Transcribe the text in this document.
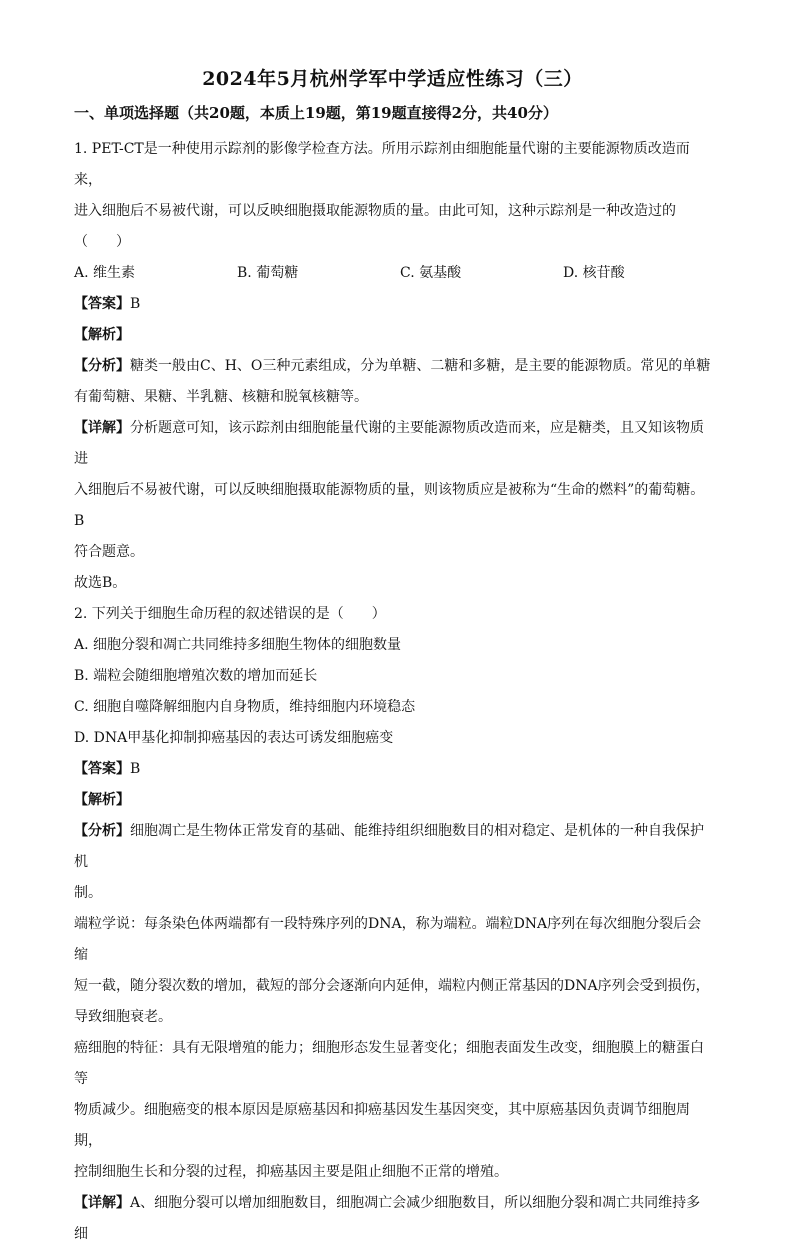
2024年5月杭州学军中学适应性练习（三）
一、单项选择题（共20题，本质上19题，第19题直接得2分，共40分）

1. PET-CT是一种使用示踪剂的影像学检查方法。所用示踪剂由细胞能量代谢的主要能源物质改造而来，

进入细胞后不易被代谢，可以反映细胞摄取能源物质的量。由此可知，这种示踪剂是一种改造过的

（　　）

A. 维生素	B. 葡萄糖	C. 氨基酸	D. 核苷酸

【答案】B

【解析】

【分析】糖类一般由C、H、O三种元素组成，分为单糖、二糖和多糖，是主要的能源物质。常见的单糖

有葡萄糖、果糖、半乳糖、核糖和脱氧核糖等。

【详解】分析题意可知，该示踪剂由细胞能量代谢的主要能源物质改造而来，应是糖类，且又知该物质进

入细胞后不易被代谢，可以反映细胞摄取能源物质的量，则该物质应是被称为“生命的燃料”的葡萄糖。B

符合题意。

故选B。

2. 下列关于细胞生命历程的叙述错误的是（　　）

A. 细胞分裂和凋亡共同维持多细胞生物体的细胞数量

B. 端粒会随细胞增殖次数的增加而延长

C. 细胞自噬降解细胞内自身物质，维持细胞内环境稳态

D. DNA甲基化抑制抑癌基因的表达可诱发细胞癌变

【答案】B

【解析】

【分析】细胞凋亡是生物体正常发育的基础、能维持组织细胞数目的相对稳定、是机体的一种自我保护机

制。

端粒学说：每条染色体两端都有一段特殊序列的DNA，称为端粒。端粒DNA序列在每次细胞分裂后会缩

短一截，随分裂次数的增加，截短的部分会逐渐向内延伸，端粒内侧正常基因的DNA序列会受到损伤，

导致细胞衰老。

癌细胞的特征：具有无限增殖的能力；细胞形态发生显著变化；细胞表面发生改变，细胞膜上的糖蛋白等

物质减少。细胞癌变的根本原因是原癌基因和抑癌基因发生基因突变，其中原癌基因负责调节细胞周期，

控制细胞生长和分裂的过程，抑癌基因主要是阻止细胞不正常的增殖。

【详解】A、细胞分裂可以增加细胞数目，细胞凋亡会减少细胞数目，所以细胞分裂和凋亡共同维持多细
